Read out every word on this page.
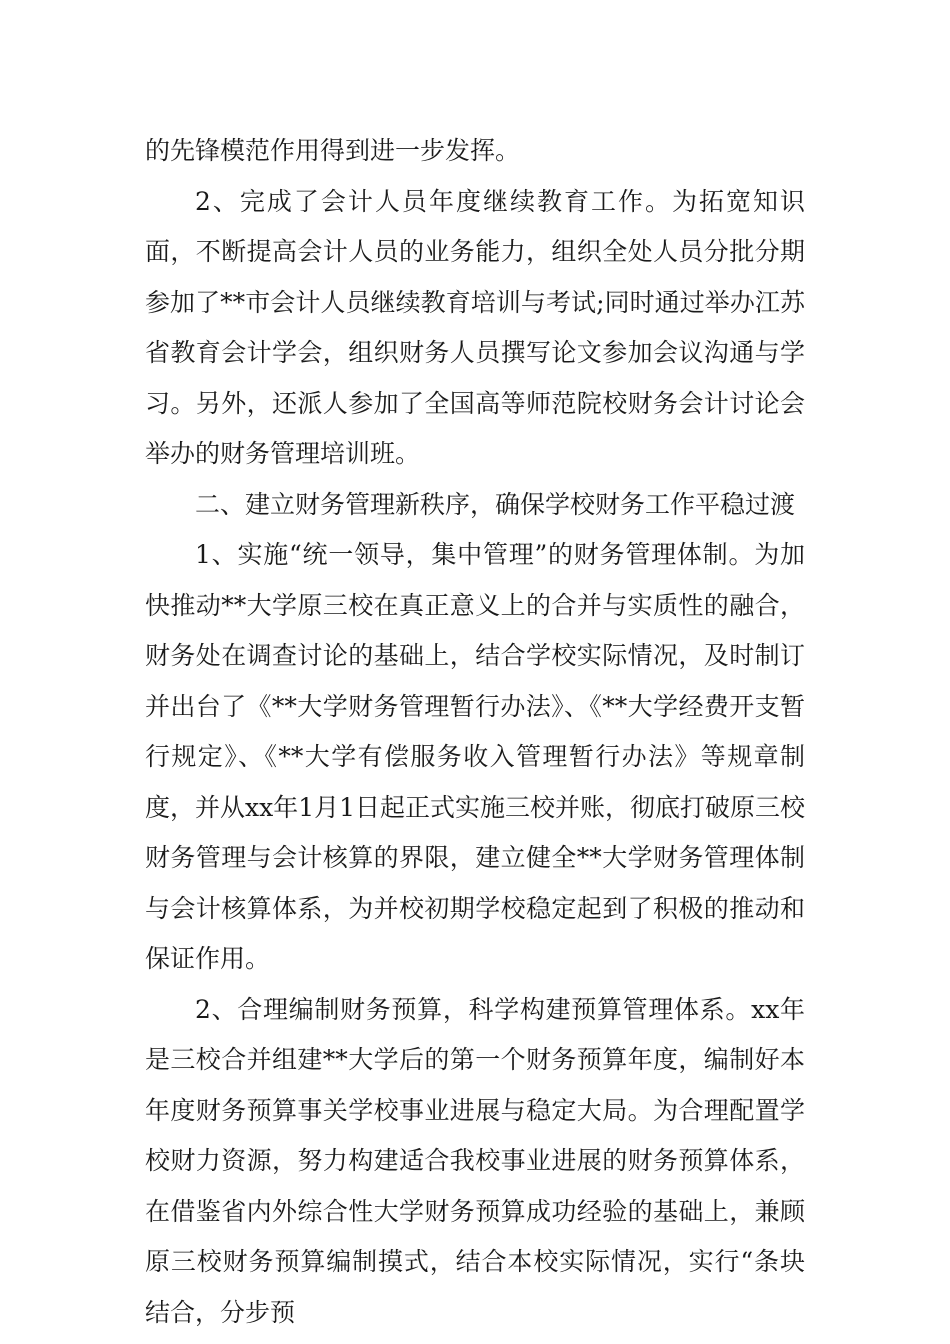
的先锋模范作用得到进一步发挥。

2、完成了会计人员年度继续教育工作。为拓宽知识面，不断提高会计人员的业务能力，组织全处人员分批分期参加了**市会计人员继续教育培训与考试;同时通过举办江苏省教育会计学会，组织财务人员撰写论文参加会议沟通与学习。另外，还派人参加了全国高等师范院校财务会计讨论会举办的财务管理培训班。

二、建立财务管理新秩序，确保学校财务工作平稳过渡

1、实施“统一领导，集中管理”的财务管理体制。为加快推动**大学原三校在真正意义上的合并与实质性的融合，财务处在调查讨论的基础上，结合学校实际情况，及时制订并出台了《**大学财务管理暂行办法》、《**大学经费开支暂行规定》、《**大学有偿服务收入管理暂行办法》等规章制度，并从xx年1月1日起正式实施三校并账，彻底打破原三校财务管理与会计核算的界限，建立健全**大学财务管理体制与会计核算体系，为并校初期学校稳定起到了积极的推动和保证作用。

2、合理编制财务预算，科学构建预算管理体系。xx年是三校合并组建**大学后的第一个财务预算年度，编制好本年度财务预算事关学校事业进展与稳定大局。为合理配置学校财力资源，努力构建适合我校事业进展的财务预算体系，在借鉴省内外综合性大学财务预算成功经验的基础上，兼顾原三校财务预算编制摸式，结合本校实际情况，实行“条块结合，分步预
